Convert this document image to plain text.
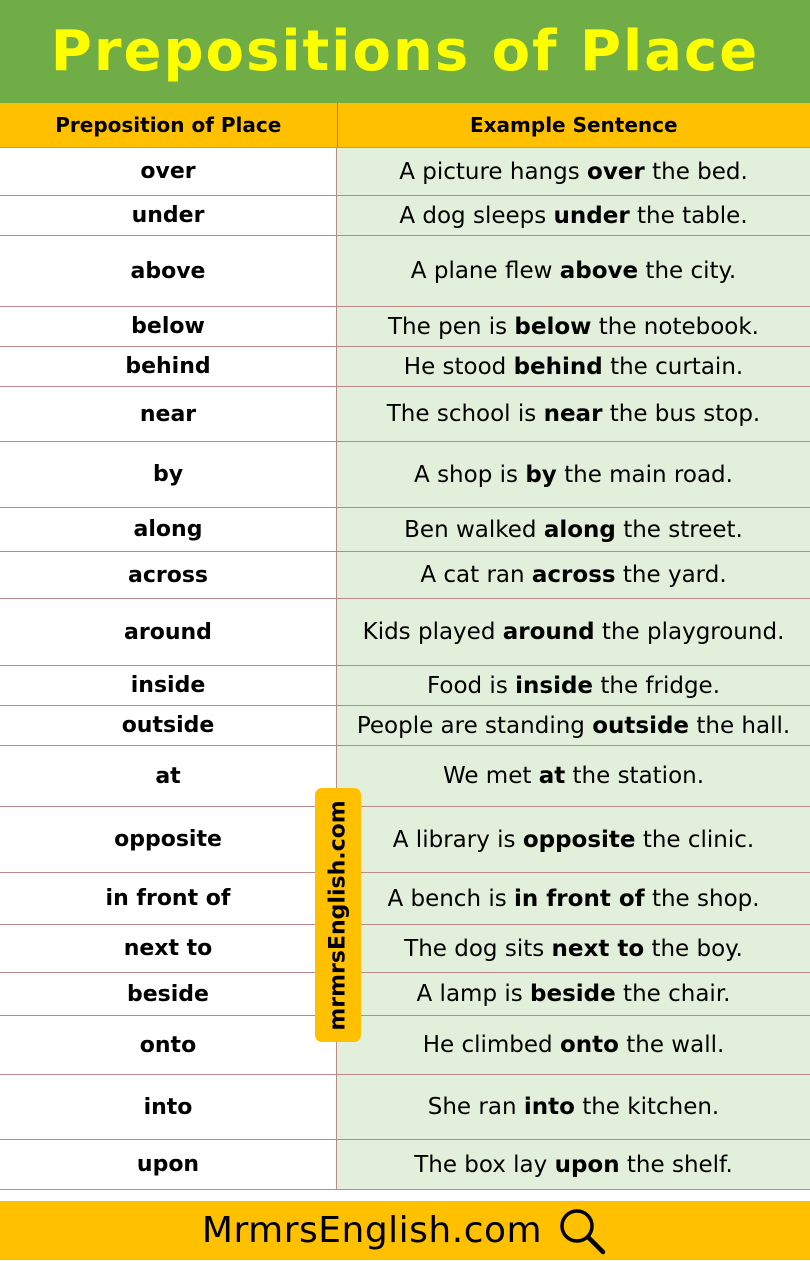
Prepositions of Place
Preposition of Place	Example Sentence
over	A picture hangs over the bed.
under	A dog sleeps under the table.
above	A plane flew above the city.
below	The pen is below the notebook.
behind	He stood behind the curtain.
near	The school is near the bus stop.
by	A shop is by the main road.
along	Ben walked along the street.
across	A cat ran across the yard.
around	Kids played around the playground.
inside	Food is inside the fridge.
outside	People are standing outside the hall.
at	We met at the station.
opposite	A library is opposite the clinic.
in front of	A bench is in front of the shop.
next to	The dog sits next to the boy.
beside	A lamp is beside the chair.
onto	He climbed onto the wall.
into	She ran into the kitchen.
upon	The box lay upon the shelf.
mrmrsEnglish.com
MrmrsEnglish.com
